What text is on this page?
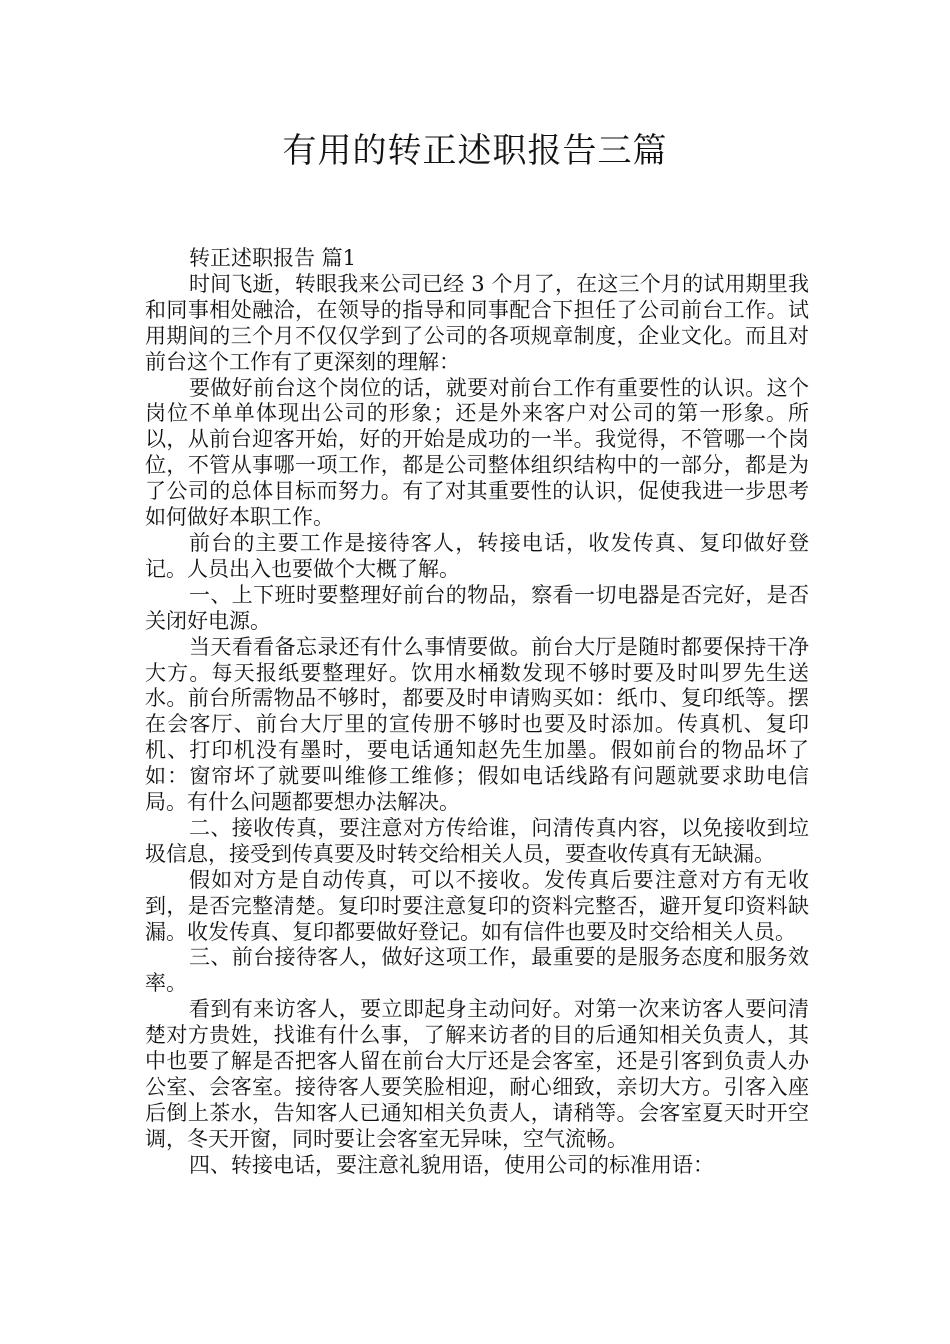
有用的转正述职报告三篇

转正述职报告 篇1

时间飞逝，转眼我来公司已经 3 个月了，在这三个月的试用期里我和同事相处融洽，在领导的指导和同事配合下担任了公司前台工作。试用期间的三个月不仅仅学到了公司的各项规章制度，企业文化。而且对前台这个工作有了更深刻的理解：

要做好前台这个岗位的话，就要对前台工作有重要性的认识。这个岗位不单单体现出公司的形象；还是外来客户对公司的第一形象。所以，从前台迎客开始，好的开始是成功的一半。我觉得，不管哪一个岗位，不管从事哪一项工作，都是公司整体组织结构中的一部分，都是为了公司的总体目标而努力。有了对其重要性的认识，促使我进一步思考如何做好本职工作。

前台的主要工作是接待客人，转接电话，收发传真、复印做好登记。人员出入也要做个大概了解。

一、上下班时要整理好前台的物品，察看一切电器是否完好，是否关闭好电源。

当天看看备忘录还有什么事情要做。前台大厅是随时都要保持干净大方。每天报纸要整理好。饮用水桶数发现不够时要及时叫罗先生送水。前台所需物品不够时，都要及时申请购买如：纸巾、复印纸等。摆在会客厅、前台大厅里的宣传册不够时也要及时添加。传真机、复印机、打印机没有墨时，要电话通知赵先生加墨。假如前台的物品坏了如：窗帘坏了就要叫维修工维修；假如电话线路有问题就要求助电信局。有什么问题都要想办法解决。

二、接收传真，要注意对方传给谁，问清传真内容，以免接收到垃圾信息，接受到传真要及时转交给相关人员，要查收传真有无缺漏。

假如对方是自动传真，可以不接收。发传真后要注意对方有无收到，是否完整清楚。复印时要注意复印的资料完整否，避开复印资料缺漏。收发传真、复印都要做好登记。如有信件也要及时交给相关人员。

三、前台接待客人，做好这项工作，最重要的是服务态度和服务效率。

看到有来访客人，要立即起身主动问好。对第一次来访客人要问清楚对方贵姓，找谁有什么事，了解来访者的目的后通知相关负责人，其中也要了解是否把客人留在前台大厅还是会客室，还是引客到负责人办公室、会客室。接待客人要笑脸相迎，耐心细致，亲切大方。引客入座后倒上茶水，告知客人已通知相关负责人，请稍等。会客室夏天时开空调，冬天开窗，同时要让会客室无异味，空气流畅。

四、转接电话，要注意礼貌用语，使用公司的标准用语：
